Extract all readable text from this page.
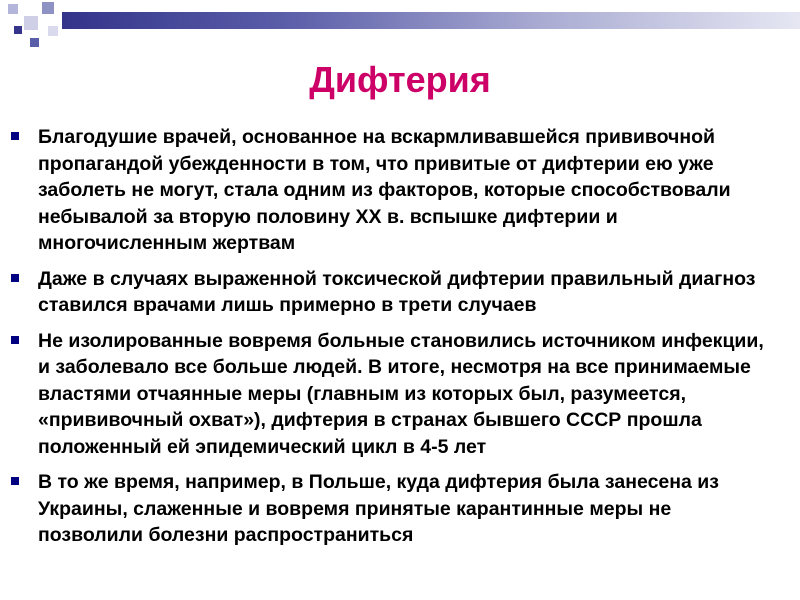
Дифтерия
Благодушие врачей, основанное на вскармливавшейся прививочной пропагандой убежденности в том, что привитые от дифтерии ею уже заболеть не могут, стала одним из факторов, которые способствовали небывалой за вторую половину XX в. вспышке дифтерии и многочисленным жертвам
Даже в случаях выраженной токсической дифтерии правильный диагноз ставился врачами лишь примерно в трети случаев
Не изолированные вовремя больные становились источником инфекции, и заболевало все больше людей. В итоге, несмотря на все принимаемые властями отчаянные меры (главным из которых был, разумеется, «прививочный охват»), дифтерия в странах бывшего СССР прошла положенный ей эпидемический цикл в 4-5 лет
В то же время, например, в Польше, куда дифтерия была занесена из Украины, слаженные и вовремя принятые карантинные меры не позволили болезни распространиться
